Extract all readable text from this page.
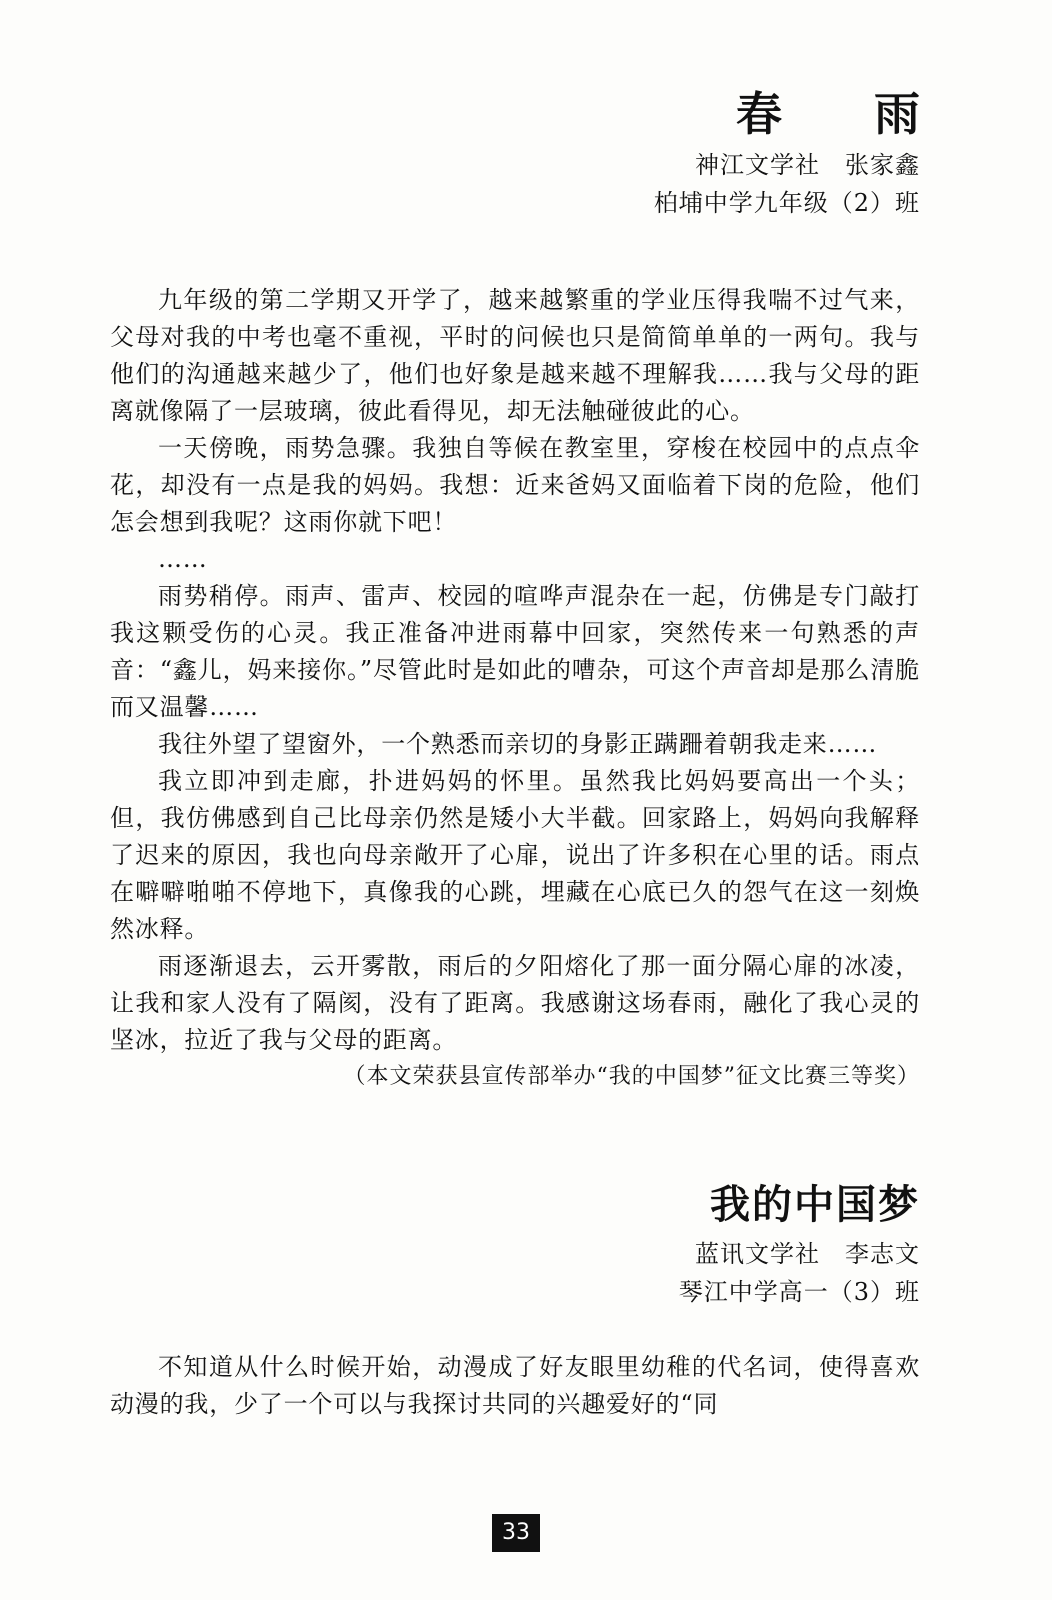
春 雨
神江文学社　张家鑫
柏埔中学九年级（2）班

九年级的第二学期又开学了，越来越繁重的学业压得我喘不过气来，父母对我的中考也毫不重视，平时的问候也只是简简单单的一两句。我与他们的沟通越来越少了，他们也好象是越来越不理解我……我与父母的距离就像隔了一层玻璃，彼此看得见，却无法触碰彼此的心。

一天傍晚，雨势急骤。我独自等候在教室里，穿梭在校园中的点点伞花，却没有一点是我的妈妈。我想：近来爸妈又面临着下岗的危险，他们怎会想到我呢？这雨你就下吧！

……

雨势稍停。雨声、雷声、校园的喧哗声混杂在一起，仿佛是专门敲打我这颗受伤的心灵。我正准备冲进雨幕中回家，突然传来一句熟悉的声音：“鑫儿，妈来接你。”尽管此时是如此的嘈杂，可这个声音却是那么清脆而又温馨……

我往外望了望窗外，一个熟悉而亲切的身影正蹒跚着朝我走来……

我立即冲到走廊，扑进妈妈的怀里。虽然我比妈妈要高出一个头；但，我仿佛感到自己比母亲仍然是矮小大半截。回家路上，妈妈向我解释了迟来的原因，我也向母亲敞开了心扉，说出了许多积在心里的话。雨点在噼噼啪啪不停地下，真像我的心跳，埋藏在心底已久的怨气在这一刻焕然冰释。

雨逐渐退去，云开雾散，雨后的夕阳熔化了那一面分隔心扉的冰凌，让我和家人没有了隔阂，没有了距离。我感谢这场春雨，融化了我心灵的坚冰，拉近了我与父母的距离。

（本文荣获县宣传部举办“我的中国梦”征文比赛三等奖）

我的中国梦
蓝讯文学社　李志文
琴江中学高一（3）班

不知道从什么时候开始，动漫成了好友眼里幼稚的代名词，使得喜欢动漫的我，少了一个可以与我探讨共同的兴趣爱好的“同

33
